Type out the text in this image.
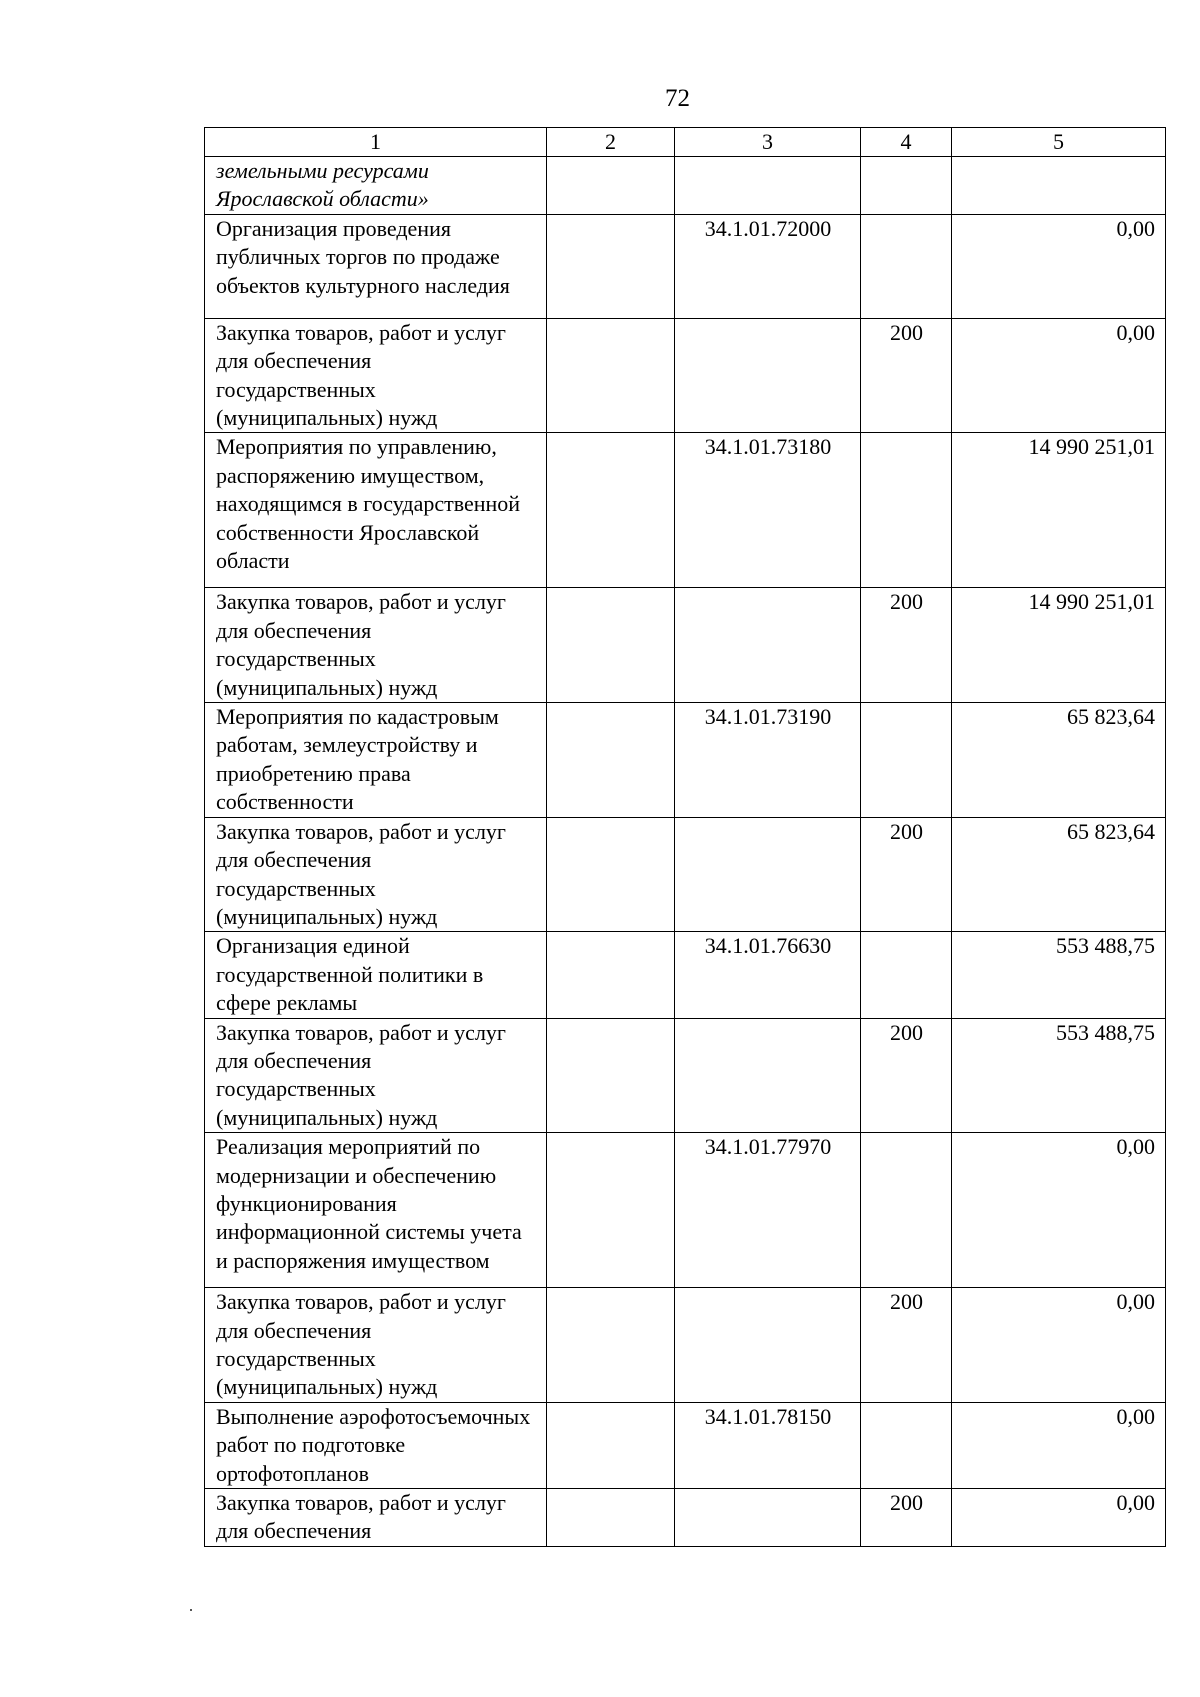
72
1	2	3	4	5
земельными ресурсами Ярославской области»				
Организация проведения публичных торгов по продаже объектов культурного наследия		34.1.01.72000		0,00
Закупка товаров, работ и услуг для обеспечения государственных (муниципальных) нужд			200	0,00
Мероприятия по управлению, распоряжению имуществом, находящимся в государственной собственности Ярославской области		34.1.01.73180		14 990 251,01
Закупка товаров, работ и услуг для обеспечения государственных (муниципальных) нужд			200	14 990 251,01
Мероприятия по кадастровым работам, землеустройству и приобретению права собственности		34.1.01.73190		65 823,64
Закупка товаров, работ и услуг для обеспечения государственных (муниципальных) нужд			200	65 823,64
Организация единой государственной политики в сфере рекламы		34.1.01.76630		553 488,75
Закупка товаров, работ и услуг для обеспечения государственных (муниципальных) нужд			200	553 488,75
Реализация мероприятий по модернизации и обеспечению функционирования информационной системы учета и распоряжения имуществом		34.1.01.77970		0,00
Закупка товаров, работ и услуг для обеспечения государственных (муниципальных) нужд			200	0,00
Выполнение аэрофотосъемочных работ по подготовке ортофотопланов		34.1.01.78150		0,00
Закупка товаров, работ и услуг для обеспечения			200	0,00
